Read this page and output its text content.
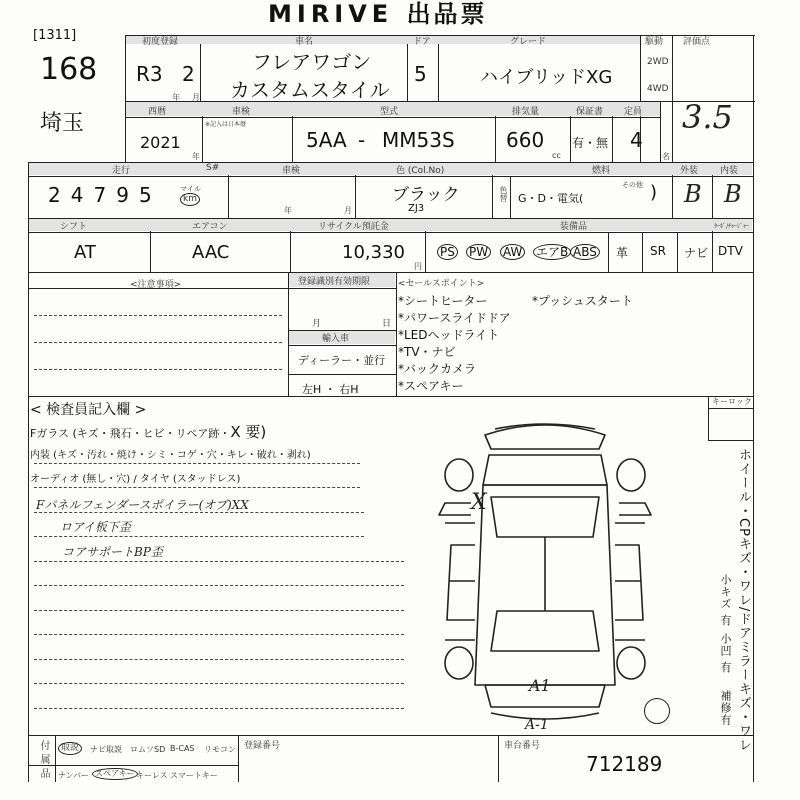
MIRIVE 出品票
[1311]
168
埼玉
初度登録
R3 2
年 月
西暦
2021
年
車検
※記入は日本暦
車名
フレアワゴン
カスタムスタイル
ドア
5
グレード
ハイブリッドXG
駆動
2WD
4WD
型式
5AA - MM53S
排気量
660
cc
保証書
有・無
定員
4
名
評価点
3.5
走行
24795	マイル
km
S#	車検
年	月
色 (Col.No)
ブラック
ZJ3
色替
燃料
G・D・電気(
その他 )
外装
B
内装
B
シフト
AT
エアコン
AAC
リサイクル預託金
10,330
円
装備品	ﾀｰﾎﾞ/ﾁｬｰｼﾞｬｰ
PS PW AW エアB ABS 革 SR ナビ DTV
<注意事項>	登録識別有効期限
月	日
輸入車
ディーラー・並行
左H ・ 右H
<セールスポイント>
*シートヒーター
*パワースライドドア
*LEDヘッドライト
*TV・ナビ
*バックカメラ
*スペアキー
*プッシュスタート
< 検査員記入欄 >
Fガラス (キズ・飛石・ヒビ・リペア跡・X 要)
内装 (キズ・汚れ・焼け・シミ・コゲ・穴・キレ・破れ・剥れ)
オーディオ (無し・穴) / タイヤ (スタッドレス)
Fパネルフェンダースポイラー(オブ)XX
ロアイ板下歪
コアサポートBP歪
X
A1
A-1
キーロック
ホイール・CPキズ・ワレ/ドアミラーキズ・ワレ
小キズ 有
小凹 有
補修有
付属品	取説	ナビ取説 ロムソSD B-CAS リモコン
ナンバー スペアキー キーレス スマートキー
登録番号	車台番号
712189
